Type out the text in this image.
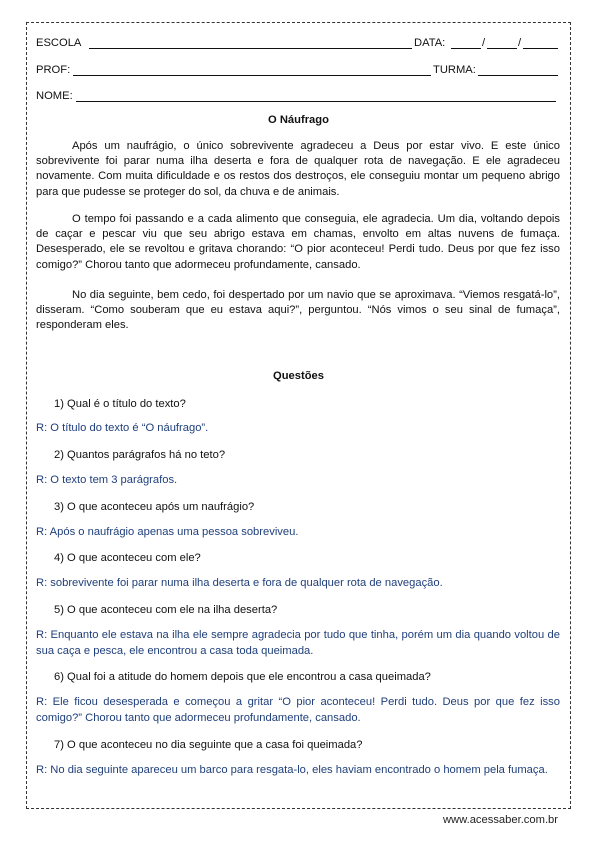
ESCOLA	DATA:	/	/
PROF:	TURMA:
NOME:
O Náufrago

Após um naufrágio, o único sobrevivente agradeceu a Deus por estar vivo. E este único sobrevivente foi parar numa ilha deserta e fora de qualquer rota de navegação. E ele agradeceu novamente. Com muita dificuldade e os restos dos destroços, ele conseguiu montar um pequeno abrigo para que pudesse se proteger do sol, da chuva e de animais.

O tempo foi passando e a cada alimento que conseguia, ele agradecia. Um dia, voltando depois de caçar e pescar viu que seu abrigo estava em chamas, envolto em altas nuvens de fumaça. Desesperado, ele se revoltou e gritava chorando: “O pior aconteceu! Perdi tudo. Deus por que fez isso comigo?” Chorou tanto que adormeceu profundamente, cansado.

No dia seguinte, bem cedo, foi despertado por um navio que se aproximava. “Viemos resgatá-lo”, disseram. “Como souberam que eu estava aqui?”, perguntou. “Nós vimos o seu sinal de fumaça”, responderam eles.

Questões
1) Qual é o título do texto?

R: O título do texto é “O náufrago”.

2) Quantos parágrafos há no teto?

R: O texto tem 3 parágrafos.

3) O que aconteceu após um naufrágio?

R: Após o naufrágio apenas uma pessoa sobreviveu.

4) O que aconteceu com ele?

R: sobrevivente foi parar numa ilha deserta e fora de qualquer rota de navegação.

5) O que aconteceu com ele na ilha deserta?

R: Enquanto ele estava na ilha ele sempre agradecia por tudo que tinha, porém um dia quando voltou de sua caça e pesca, ele encontrou a casa toda queimada.

6) Qual foi a atitude do homem depois que ele encontrou a casa queimada?

R: Ele ficou desesperada e começou a gritar “O pior aconteceu! Perdi tudo. Deus por que fez isso comigo?” Chorou tanto que adormeceu profundamente, cansado.

7) O que aconteceu no dia seguinte que a casa foi queimada?

R: No dia seguinte apareceu um barco para resgata-lo, eles haviam encontrado o homem pela fumaça.

www.acessaber.com.br
